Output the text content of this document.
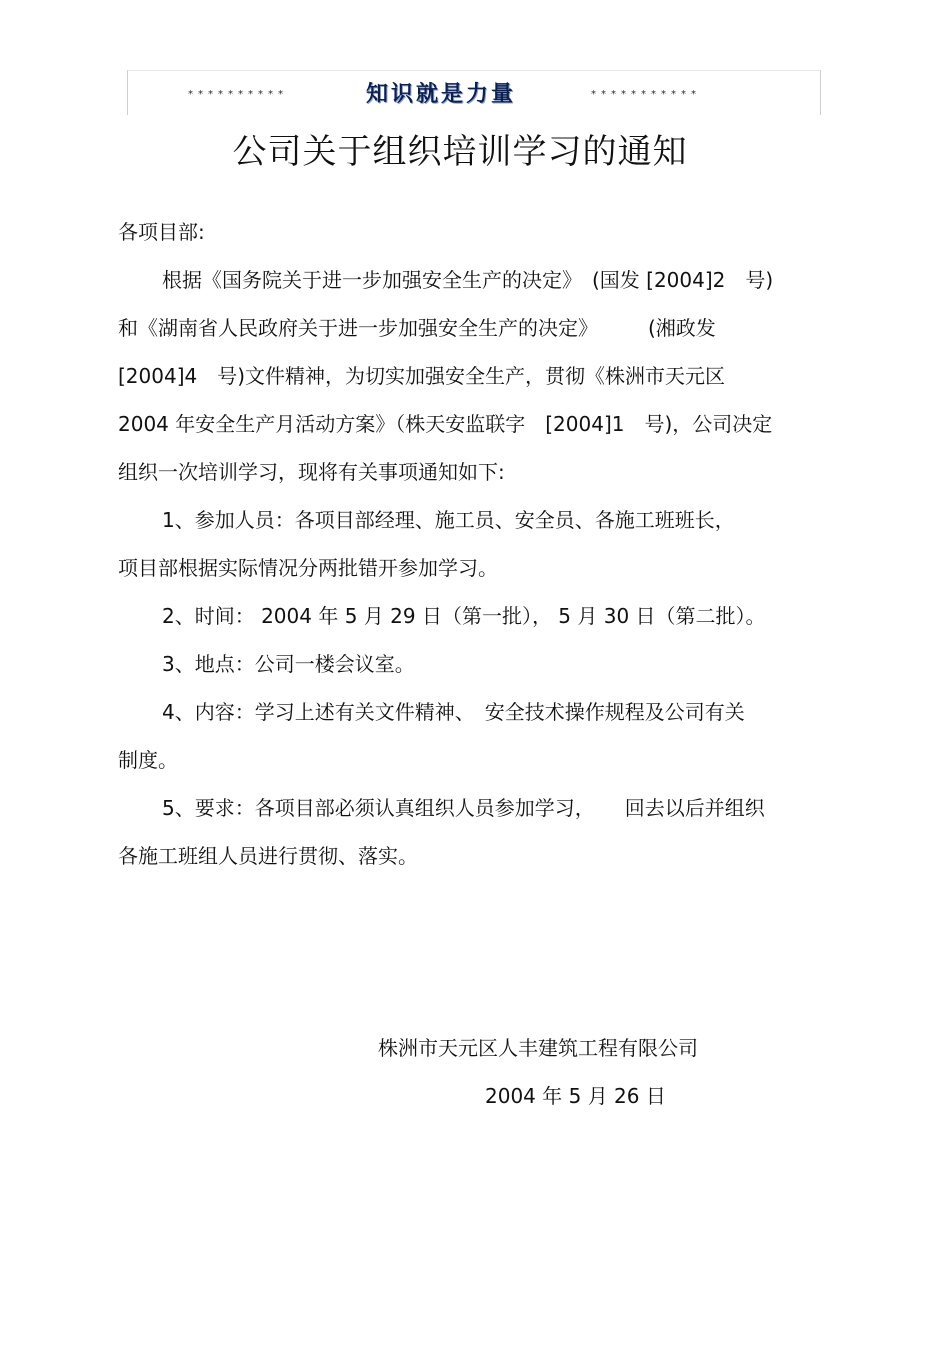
**********	知识就是力量	***********
公司关于组织培训学习的通知
各项目部:
根据《国务院关于进一步加强安全生产的决定》　(国发 [2004]2　号)
和《湖南省人民政府关于进一步加强安全生产的决定》　　　(湘政发
[2004]4　号)文件精神，为切实加强安全生产，贯彻《株洲市天元区
2004 年安全生产月活动方案》（株天安监联字　[2004]1　号)，公司决定
组织一次培训学习，现将有关事项通知如下:
1、参加人员：各项目部经理、施工员、安全员、各施工班班长，
项目部根据实际情况分两批错开参加学习。
2、时间： 2004 年 5 月 29 日（第一批）， 5 月 30 日（第二批）。
3、地点：公司一楼会议室。
4、内容：学习上述有关文件精神、　安全技术操作规程及公司有关
制度。
5、要求：各项目部必须认真组织人员参加学习，　　回去以后并组织
各施工班组人员进行贯彻、落实。
株洲市天元区人丰建筑工程有限公司
2004 年 5 月 26 日
